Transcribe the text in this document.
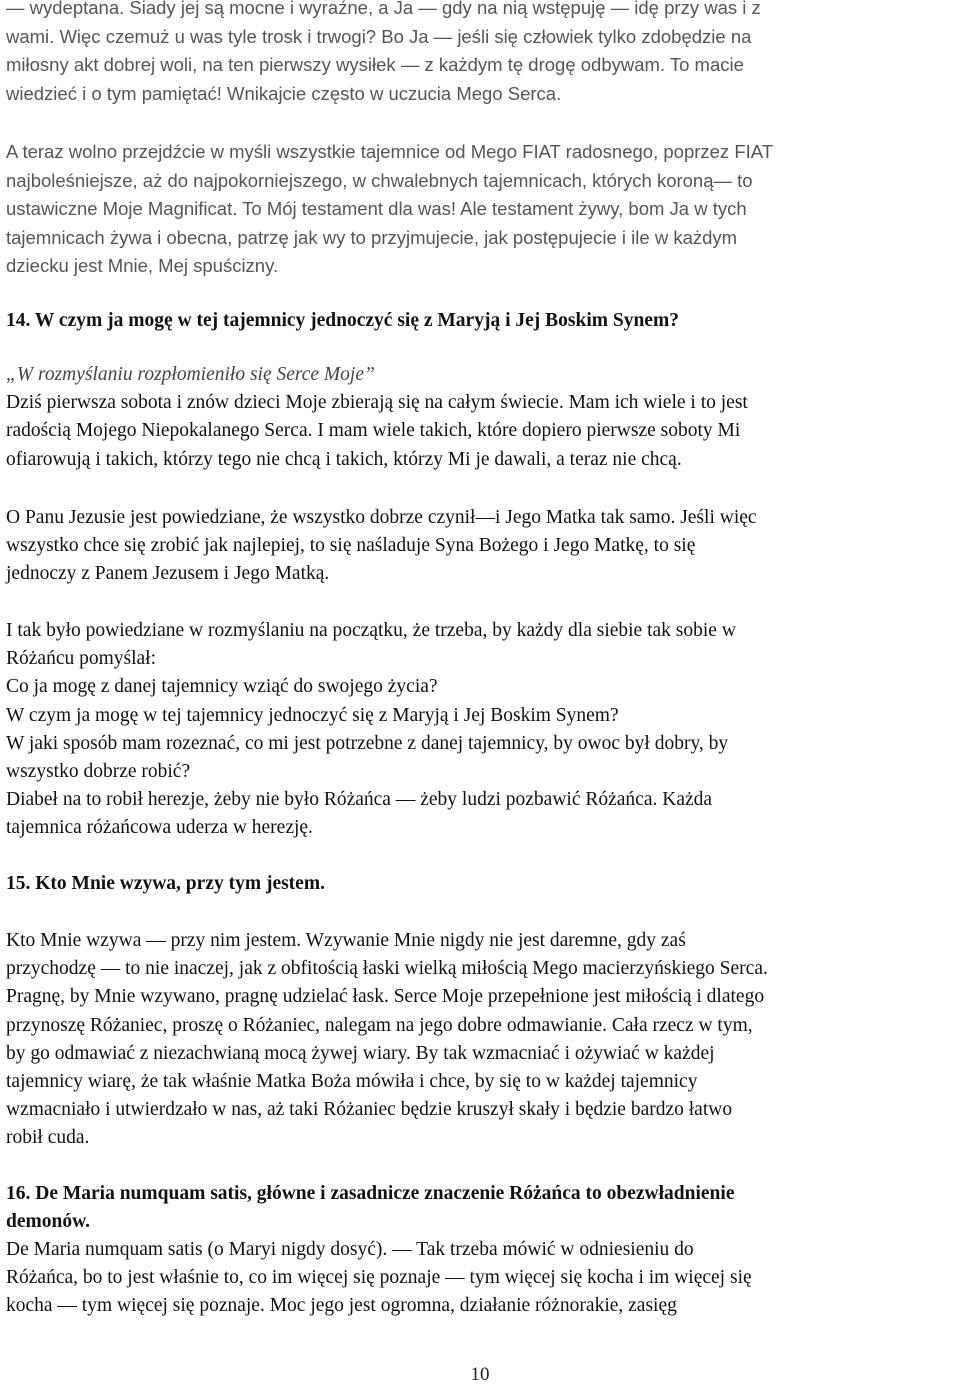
— wydeptana. Siady jej są mocne i wyraźne, a Ja — gdy na nią wstępuję — idę przy was i z
wami. Więc czemuż u was tyle trosk i trwogi? Bo Ja — jeśli się człowiek tylko zdobędzie na
miłosny akt dobrej woli, na ten pierwszy wysiłek — z każdym tę drogę odbywam. To macie
wiedzieć i o tym pamiętać! Wnikajcie często w uczucia Mego Serca.
A teraz wolno przejdźcie w myśli wszystkie tajemnice od Mego FIAT radosnego, poprzez FIAT
najboleśniejsze, aż do najpokorniejszego, w chwalebnych tajemnicach, których koroną— to
ustawiczne Moje Magnificat. To Mój testament dla was! Ale testament żywy, bom Ja w tych
tajemnicach żywa i obecna, patrzę jak wy to przyjmujecie, jak postępujecie i ile w każdym
dziecku jest Mnie, Mej spuścizny.
14. W czym ja mogę w tej tajemnicy jednoczyć się z Maryją i Jej Boskim Synem?
„W rozmyślaniu rozpłomieniło się Serce Moje”
Dziś pierwsza sobota i znów dzieci Moje zbierają się na całym świecie. Mam ich wiele i to jest
radością Mojego Niepokalanego Serca. I mam wiele takich, które dopiero pierwsze soboty Mi
ofiarowują i takich, którzy tego nie chcą i takich, którzy Mi je dawali, a teraz nie chcą.
O Panu Jezusie jest powiedziane, że wszystko dobrze czynił—i Jego Matka tak samo. Jeśli więc
wszystko chce się zrobić jak najlepiej, to się naśladuje Syna Bożego i Jego Matkę, to się
jednoczy z Panem Jezusem i Jego Matką.
I tak było powiedziane w rozmyślaniu na początku, że trzeba, by każdy dla siebie tak sobie w
Różańcu pomyślał:
Co ja mogę z danej tajemnicy wziąć do swojego życia?
W czym ja mogę w tej tajemnicy jednoczyć się z Maryją i Jej Boskim Synem?
W jaki sposób mam rozeznać, co mi jest potrzebne z danej tajemnicy, by owoc był dobry, by
wszystko dobrze robić?
Diabeł na to robił herezje, żeby nie było Różańca — żeby ludzi pozbawić Różańca. Każda
tajemnica różańcowa uderza w herezję.
15. Kto Mnie wzywa, przy tym jestem.
Kto Mnie wzywa — przy nim jestem. Wzywanie Mnie nigdy nie jest daremne, gdy zaś
przychodzę — to nie inaczej, jak z obfitością łaski wielką miłością Mego macierzyńskiego Serca.
Pragnę, by Mnie wzywano, pragnę udzielać łask. Serce Moje przepełnione jest miłością i dlatego
przynoszę Różaniec, proszę o Różaniec, nalegam na jego dobre odmawianie. Cała rzecz w tym,
by go odmawiać z niezachwianą mocą żywej wiary. By tak wzmacniać i ożywiać w każdej
tajemnicy wiarę, że tak właśnie Matka Boża mówiła i chce, by się to w każdej tajemnicy
wzmacniało i utwierdzało w nas, aż taki Różaniec będzie kruszył skały i będzie bardzo łatwo
robił cuda.
16. De Maria numquam satis, główne i zasadnicze znaczenie Różańca to obezwładnienie
demonów.
De Maria numquam satis (o Maryi nigdy dosyć). — Tak trzeba mówić w odniesieniu do
Różańca, bo to jest właśnie to, co im więcej się poznaje — tym więcej się kocha i im więcej się
kocha — tym więcej się poznaje. Moc jego jest ogromna, działanie różnorakie, zasięg
10
